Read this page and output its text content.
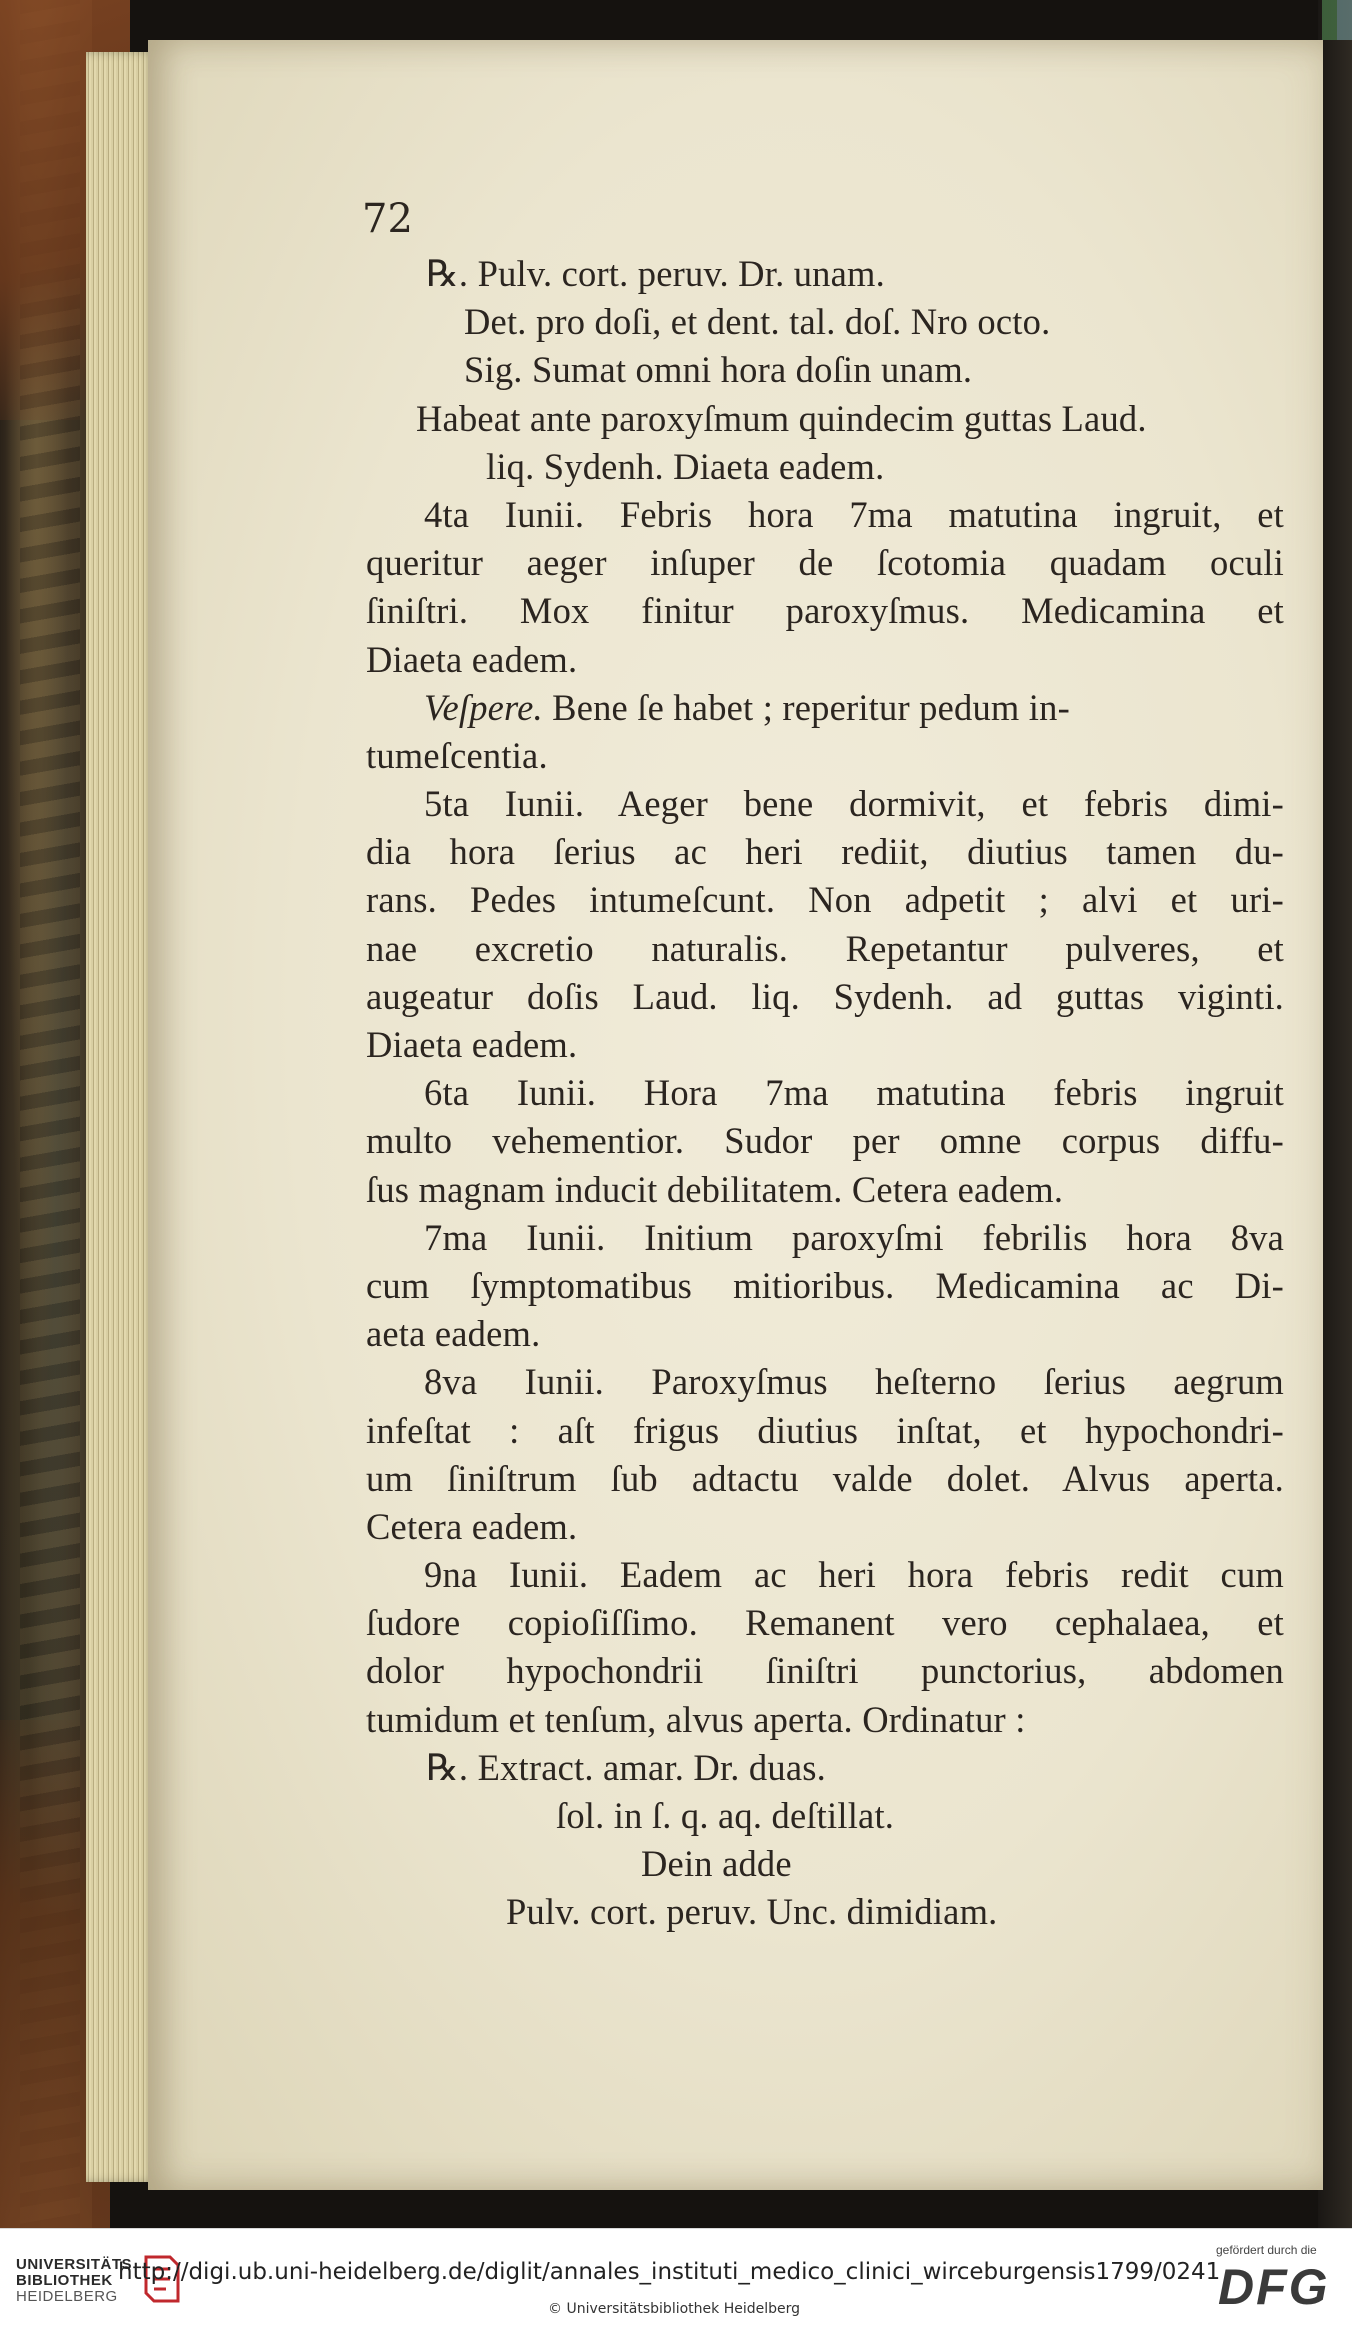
72
℞. Pulv. cort. peruv. Dr. unam.
Det. pro doſi, et dent. tal. doſ. Nro octo.
Sig. Sumat omni hora doſin unam.
Habeat ante paroxyſmum quindecim guttas Laud.
liq. Sydenh. Diaeta eadem.
4ta Iunii. Febris hora 7ma matutina ingruit, et
queritur aeger inſuper de ſcotomia quadam oculi
ſiniſtri. Mox finitur paroxyſmus. Medicamina et
Diaeta eadem.
Veſpere. Bene ſe habet ; reperitur pedum in-
tumeſcentia.
5ta Iunii. Aeger bene dormivit, et febris dimi-
dia hora ſerius ac heri rediit, diutius tamen du-
rans. Pedes intumeſcunt. Non adpetit ; alvi et uri-
nae excretio naturalis. Repetantur pulveres, et
augeatur doſis Laud. liq. Sydenh. ad guttas viginti.
Diaeta eadem.
6ta Iunii. Hora 7ma matutina febris ingruit
multo vehementior. Sudor per omne corpus diffu-
ſus magnam inducit debilitatem. Cetera eadem.
7ma Iunii. Initium paroxyſmi febrilis hora 8va
cum ſymptomatibus mitioribus. Medicamina ac Di-
aeta eadem.
8va Iunii. Paroxyſmus heſterno ſerius aegrum
infeſtat : aſt frigus diutius inſtat, et hypochondri-
um ſiniſtrum ſub adtactu valde dolet. Alvus aperta.
Cetera eadem.
9na Iunii. Eadem ac heri hora febris redit cum
ſudore copioſiſſimo. Remanent vero cephalaea, et
dolor hypochondrii ſiniſtri punctorius, abdomen
tumidum et tenſum, alvus aperta. Ordinatur :
℞. Extract. amar. Dr. duas.
ſol. in ſ. q. aq. deſtillat.
Dein adde
Pulv. cort. peruv. Unc. dimidiam.
UNIVERSITÄTS
BIBLIOTHEK
HEIDELBERG
http://digi.ub.uni-heidelberg.de/diglit/annales_instituti_medico_clinici_wirceburgensis1799/0241
© Universitätsbibliothek Heidelberg
gefördert durch die
DFG
